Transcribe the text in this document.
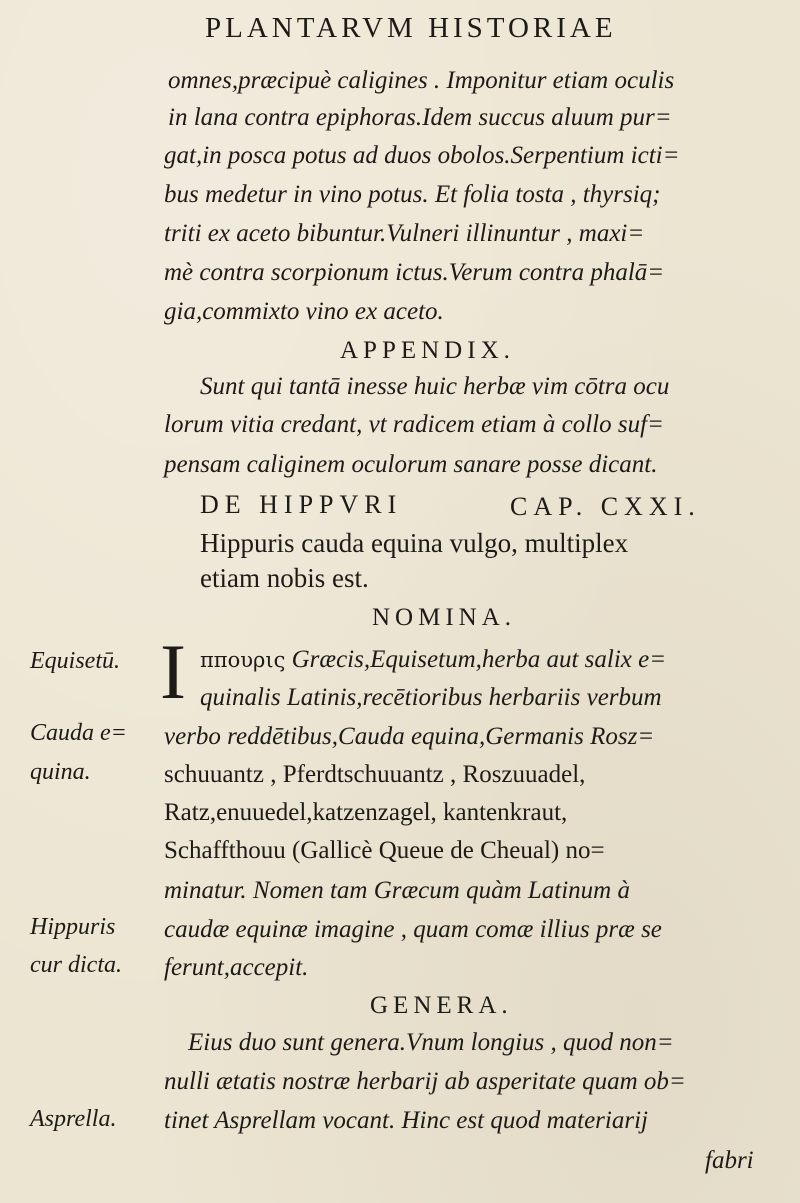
PLANTARVM HISTORIAE
omnes,præcipuè caligines . Imponitur etiam oculis
in lana contra epiphoras.Idem succus aluum pur=
gat,in posca potus ad duos obolos.Serpentium icti=
bus medetur in vino potus. Et folia tosta , thyrsiq;
triti ex aceto bibuntur.Vulneri illinuntur , maxi=
mè contra scorpionum ictus.Verum contra phalā=
gia,commixto vino ex aceto.
APPENDIX.
Sunt qui tantā inesse huic herbæ vim cōtra ocu
lorum vitia credant, vt radicem etiam à collo suf=
pensam caliginem oculorum sanare posse dicant.
DE HIPPVRI	CAP. CXXI.
Hippuris cauda equina vulgo, multiplex
etiam nobis est.
NOMINA.
I ππουρις Græcis,Equisetum,herba aut salix e=
quinalis Latinis,recētioribus herbariis verbum
verbo reddētibus,Cauda equina,Germanis Rosz=
schuuantz , Pferdtschuuantz , Roszuuadel,
Ratz,enuuedel,katzenzagel, kantenkraut,
Schaffthouu (Gallicè Queue de Cheual) no=
minatur. Nomen tam Græcum quàm Latinum à
caudæ equinæ imagine , quam comæ illius præ se
ferunt,accepit.
GENERA.
Eius duo sunt genera.Vnum longius , quod non=
nulli ætatis nostræ herbarij ab asperitate quam ob=
tinet Asprellam vocant. Hinc est quod materiarij
fabri
Equisetū.
Cauda e=
quina.
Hippuris
cur dicta.
Asprella.
